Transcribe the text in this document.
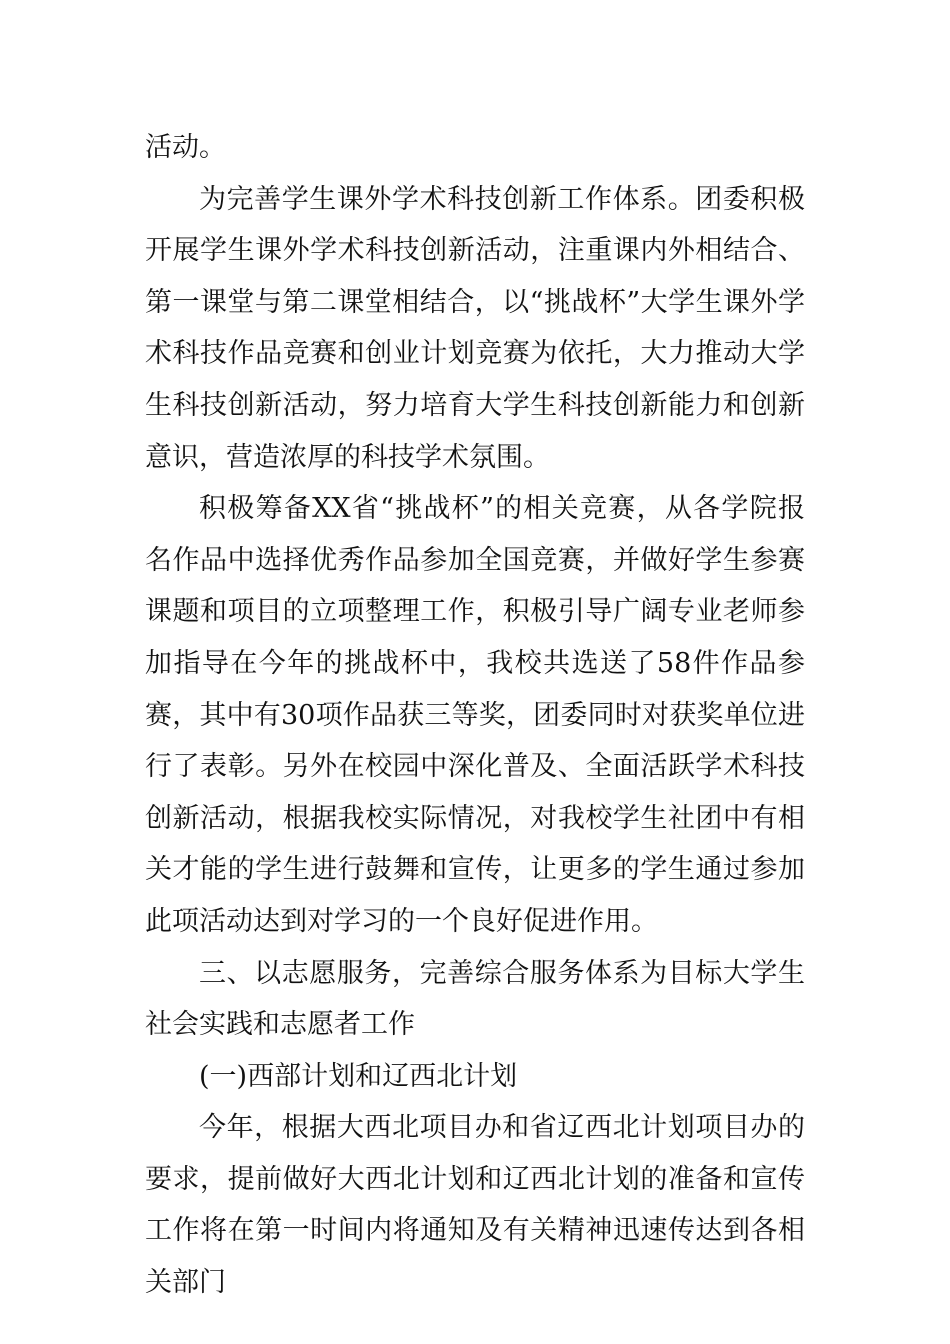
活动。

为完善学生课外学术科技创新工作体系。团委积极开展学生课外学术科技创新活动，注重课内外相结合、第一课堂与第二课堂相结合，以“挑战杯”大学生课外学术科技作品竞赛和创业计划竞赛为依托，大力推动大学生科技创新活动，努力培育大学生科技创新能力和创新意识，营造浓厚的科技学术氛围。

积极筹备XX省“挑战杯”的相关竞赛，从各学院报名作品中选择优秀作品参加全国竞赛，并做好学生参赛课题和项目的立项整理工作，积极引导广阔专业老师参加指导在今年的挑战杯中，我校共选送了58件作品参赛，其中有30项作品获三等奖，团委同时对获奖单位进行了表彰。另外在校园中深化普及、全面活跃学术科技创新活动，根据我校实际情况，对我校学生社团中有相关才能的学生进行鼓舞和宣传，让更多的学生通过参加此项活动达到对学习的一个良好促进作用。

三、以志愿服务，完善综合服务体系为目标大学生社会实践和志愿者工作

(一)西部计划和辽西北计划

今年，根据大西北项目办和省辽西北计划项目办的要求，提前做好大西北计划和辽西北计划的准备和宣传工作将在第一时间内将通知及有关精神迅速传达到各相关部门
